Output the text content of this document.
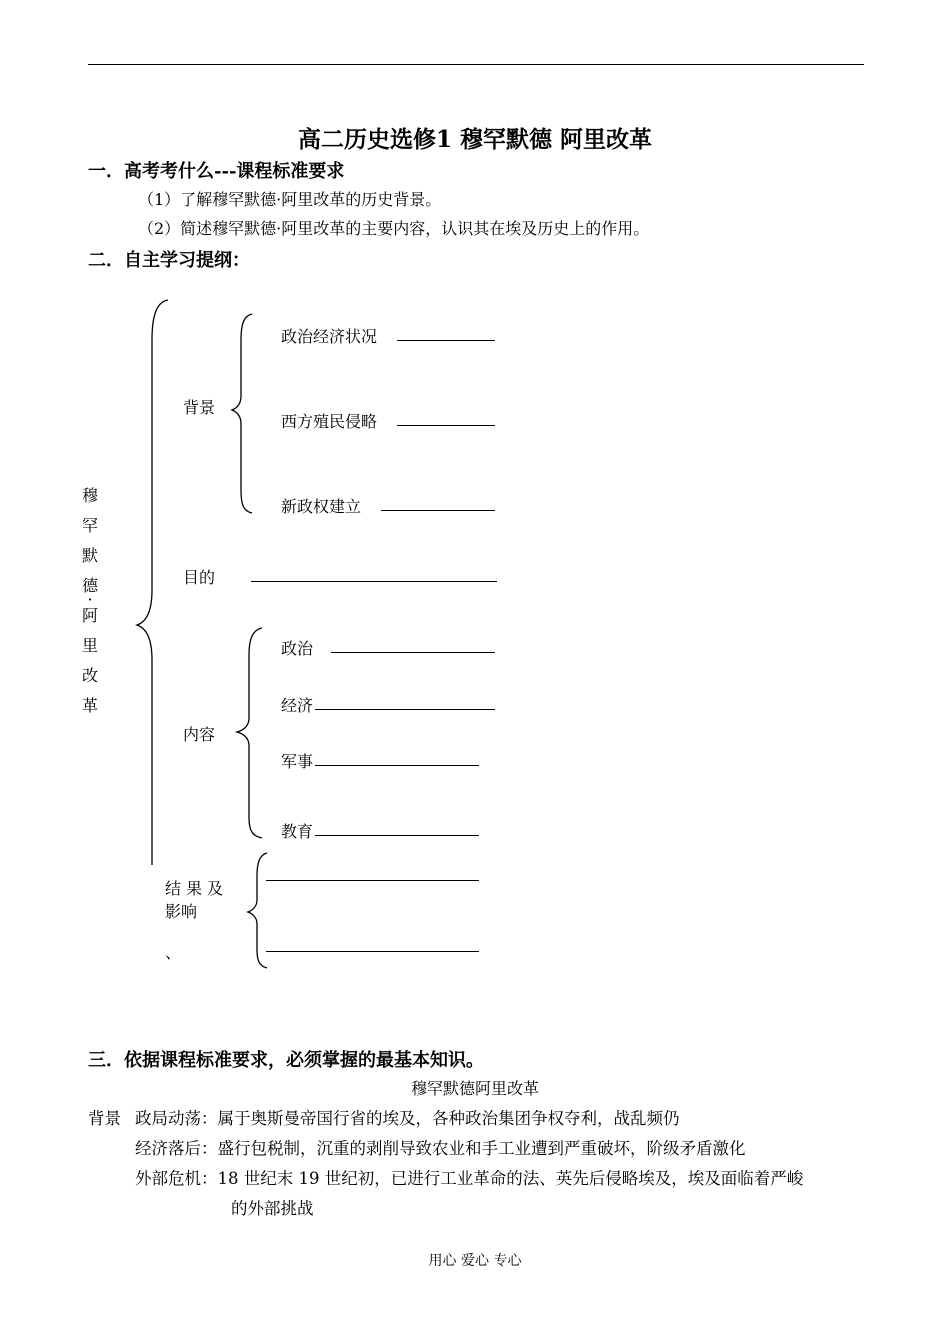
高二历史选修1 穆罕默德 阿里改革
一．高考考什么---课程标准要求
（1）了解穆罕默德·阿里改革的历史背景。
（2）简述穆罕默德·阿里改革的主要内容，认识其在埃及历史上的作用。
二．自主学习提纲：
穆
罕
默
德
·
阿
里
改
革
背景
政治经济状况
西方殖民侵略
新政权建立
目的
内容
政治
经济
军事
教育
结 果 及
影响
、
三．依据课程标准要求，必须掌握的最基本知识。
穆罕默德阿里改革
背景 政局动荡：属于奥斯曼帝国行省的埃及，各种政治集团争权夺利，战乱频仍
经济落后：盛行包税制，沉重的剥削导致农业和手工业遭到严重破坏，阶级矛盾激化
外部危机：18 世纪末 19 世纪初，已进行工业革命的法、英先后侵略埃及，埃及面临着严峻
的外部挑战
用心 爱心 专心
